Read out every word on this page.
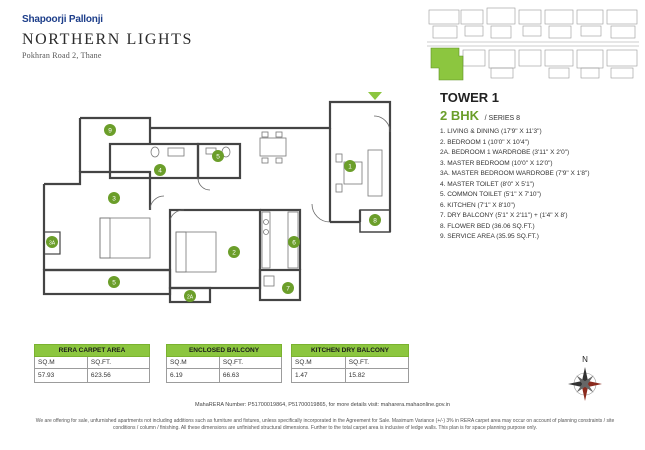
Shapoorji Pallonji
NORTHERN LIGHTS
Pokhran Road 2, Thane
TOWER 1
2 BHK / SERIES 8
1. LIVING & DINING (17'9" X 11'3")
2. BEDROOM 1 (10'0" X 10'4")
2A. BEDROOM 1 WARDROBE (3'11" X 2'0")
3. MASTER BEDROOM (10'0" X 12'0")
3A. MASTER BEDROOM WARDROBE (7'9" X 1'8")
4. MASTER TOILET (8'0" X 5'1")
5. COMMON TOILET (5'1" X 7'10")
6. KITCHEN (7'1" X 8'10")
7. DRY BALCONY (5'1" X 2'11") + (1'4" X 8')
8. FLOWER BED (36.06 SQ.FT.)
9. SERVICE AREA (35.95 SQ.FT.)
9
1
2
3
4
5
6
7
8
3A
2A
5
RERA CARPET AREA	
SQ.M	SQ.FT.
57.93	623.56
ENCLOSED BALCONY	
SQ.M	SQ.FT.
6.19	66.63
KITCHEN DRY BALCONY	
SQ.M	SQ.FT.
1.47	15.82
N
MahaRERA Number: P51700019864, P51700019865, for more details visit: maharera.mahaonline.gov.in
We are offering for sale, unfurnished apartments not including additions such as furniture and fixtures, unless specifically incorporated in the Agreement for Sale. Maximum Variance (+/-) 3% in RERA carpet area may occur on account of planning constraints / site conditions / column / finishing. All these dimensions are unfinished structural dimensions. Further to the total carpet area is inclusive of ledge walls. This plan is for space planning purpose only.
